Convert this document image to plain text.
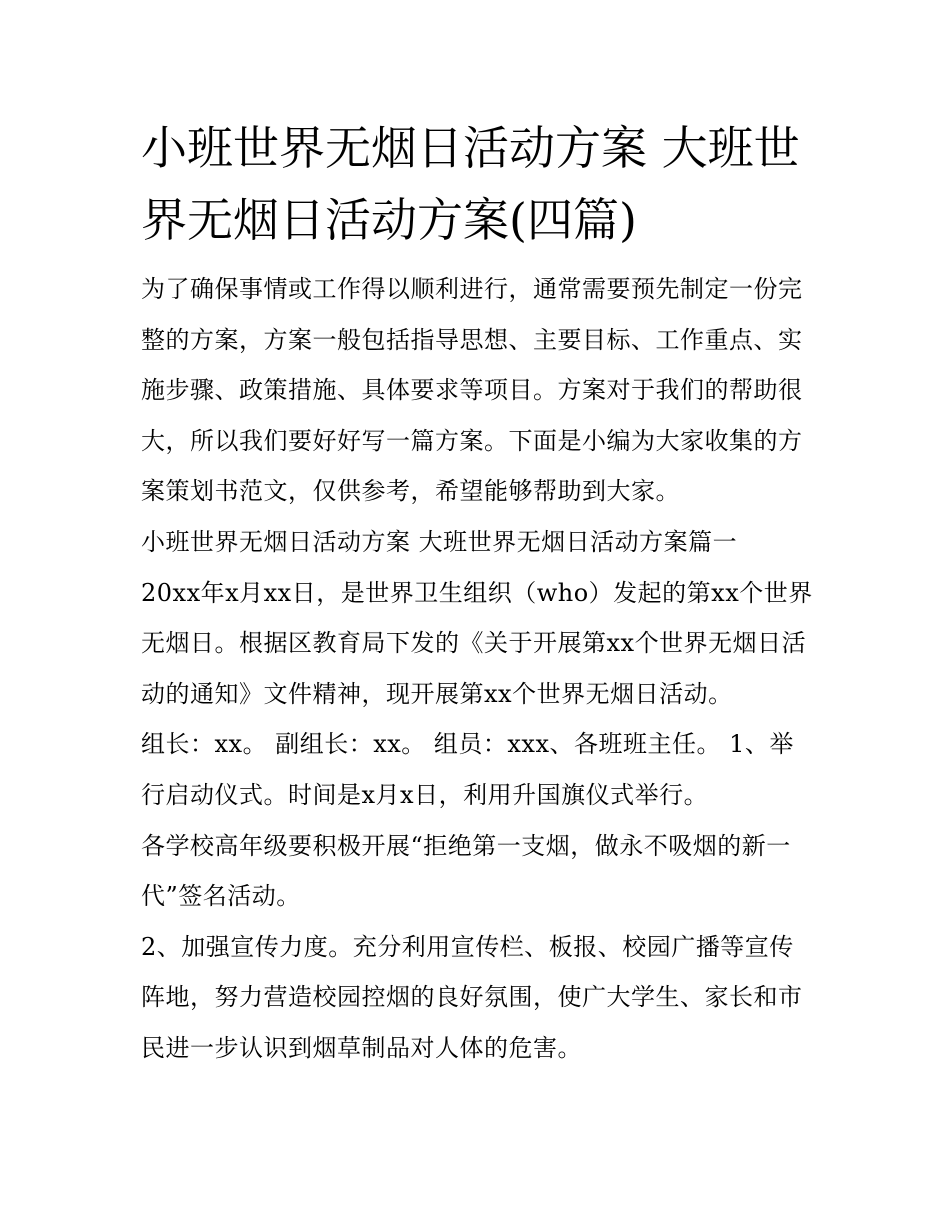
小班世界无烟日活动方案 大班世界无烟日活动方案(四篇)

为了确保事情或工作得以顺利进行，通常需要预先制定一份完整的方案，方案一般包括指导思想、主要目标、工作重点、实施步骤、政策措施、具体要求等项目。方案对于我们的帮助很大，所以我们要好好写一篇方案。下面是小编为大家收集的方案策划书范文，仅供参考，希望能够帮助到大家。

小班世界无烟日活动方案 大班世界无烟日活动方案篇一

20xx年x月xx日，是世界卫生组织（who）发起的第xx个世界无烟日。根据区教育局下发的《关于开展第xx个世界无烟日活动的通知》文件精神，现开展第xx个世界无烟日活动。

组长：xx。 副组长：xx。 组员：xxx、各班班主任。 1、举行启动仪式。时间是x月x日，利用升国旗仪式举行。

各学校高年级要积极开展“拒绝第一支烟，做永不吸烟的新一代”签名活动。

2、加强宣传力度。充分利用宣传栏、板报、校园广播等宣传阵地，努力营造校园控烟的良好氛围，使广大学生、家长和市民进一步认识到烟草制品对人体的危害。
